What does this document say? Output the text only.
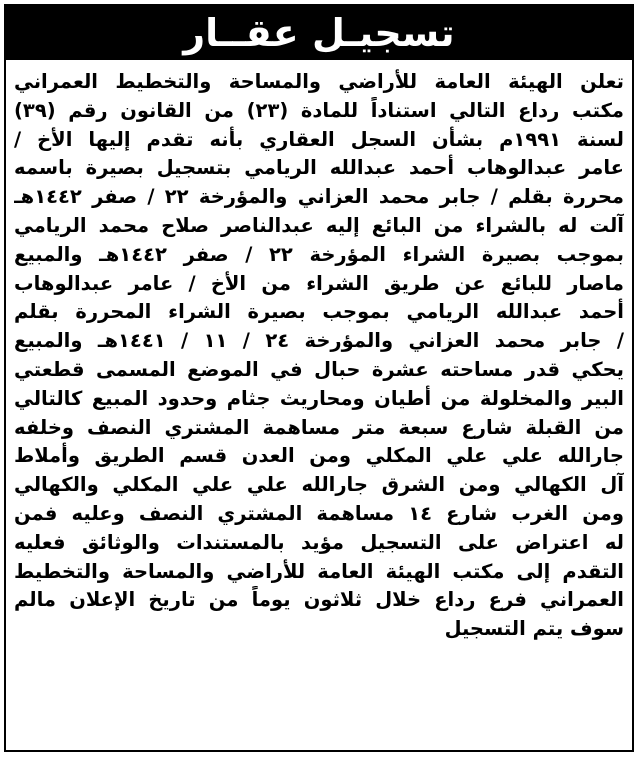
تسجيـل عقــار
تعلن الهيئة العامة للأراضي والمساحة والتخطيط العمراني
مكتب رداع التالي استناداً للمادة (٢٣) من القانون رقم (٣٩)
لسنة ١٩٩١م بشأن السجل العقاري بأنه تقدم إليها الأخ /
عامر عبدالوهاب أحمد عبدالله الريامي بتسجيل بصيرة باسمه
محررة بقلم / جابر محمد العزاني والمؤرخة ٢٢ / صفر ١٤٤٢هـ
آلت له بالشراء من البائع إليه عبدالناصر صلاح محمد الريامي
بموجب بصيرة الشراء المؤرخة ٢٢ / صفر ١٤٤٢هـ والمبيع
ماصار للبائع عن طريق الشراء من الأخ / عامر عبدالوهاب
أحمد عبدالله الريامي بموجب بصيرة الشراء المحررة بقلم
/ جابر محمد العزاني والمؤرخة ٢٤ / ١١ / ١٤٤١هـ والمبيع
يحكي قدر مساحته عشرة حبال في الموضع المسمى قطعتي
البير والمخلولة من أطيان ومحاريث جثام وحدود المبيع كالتالي
من القبلة شارع سبعة متر مساهمة المشتري النصف وخلفه
جارالله علي علي المكلي ومن العدن قسم الطريق وأملاط
آل الكهالي ومن الشرق جارالله علي علي المكلي والكهالي
ومن الغرب شارع ١٤ مساهمة المشتري النصف وعليه فمن
له اعتراض على التسجيل مؤيد بالمستندات والوثائق فعليه
التقدم إلى مكتب الهيئة العامة للأراضي والمساحة والتخطيط
العمراني فرع رداع خلال ثلاثون يوماً من تاريخ الإعلان مالم
سوف يتم التسجيل
